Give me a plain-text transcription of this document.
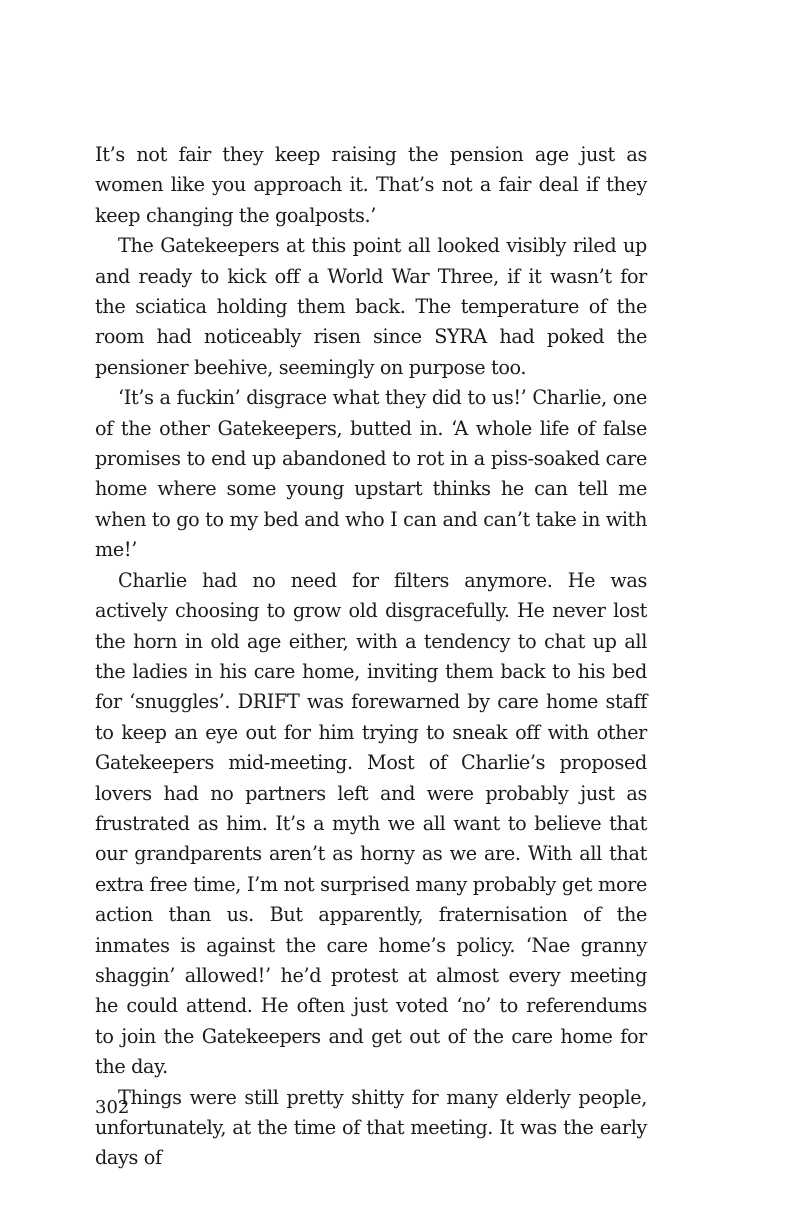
It’s not fair they keep raising the pension age just as women like you approach it. That’s not a fair deal if they keep changing the goalposts.’

The Gatekeepers at this point all looked visibly riled up and ready to kick off a World War Three, if it wasn’t for the sciatica holding them back. The temperature of the room had noticeably risen since SYRA had poked the pensioner beehive, seemingly on purpose too.

‘It’s a fuckin’ disgrace what they did to us!’ Charlie, one of the other Gatekeepers, butted in. ‘A whole life of false promises to end up abandoned to rot in a piss-soaked care home where some young upstart thinks he can tell me when to go to my bed and who I can and can’t take in with me!’

Charlie had no need for filters anymore. He was actively choosing to grow old disgracefully. He never lost the horn in old age either, with a tendency to chat up all the ladies in his care home, inviting them back to his bed for ‘snuggles’. DRIFT was forewarned by care home staff to keep an eye out for him trying to sneak off with other Gatekeepers mid-meeting. Most of Charlie’s proposed lovers had no partners left and were probably just as frustrated as him. It’s a myth we all want to believe that our grandparents aren’t as horny as we are. With all that extra free time, I’m not surprised many probably get more action than us. But apparently, fraternisation of the inmates is against the care home’s policy. ‘Nae granny shaggin’ allowed!’ he’d protest at almost every meeting he could attend. He often just voted ‘no’ to referendums to join the Gatekeepers and get out of the care home for the day.

Things were still pretty shitty for many elderly people, unfortunately, at the time of that meeting. It was the early days of

302
